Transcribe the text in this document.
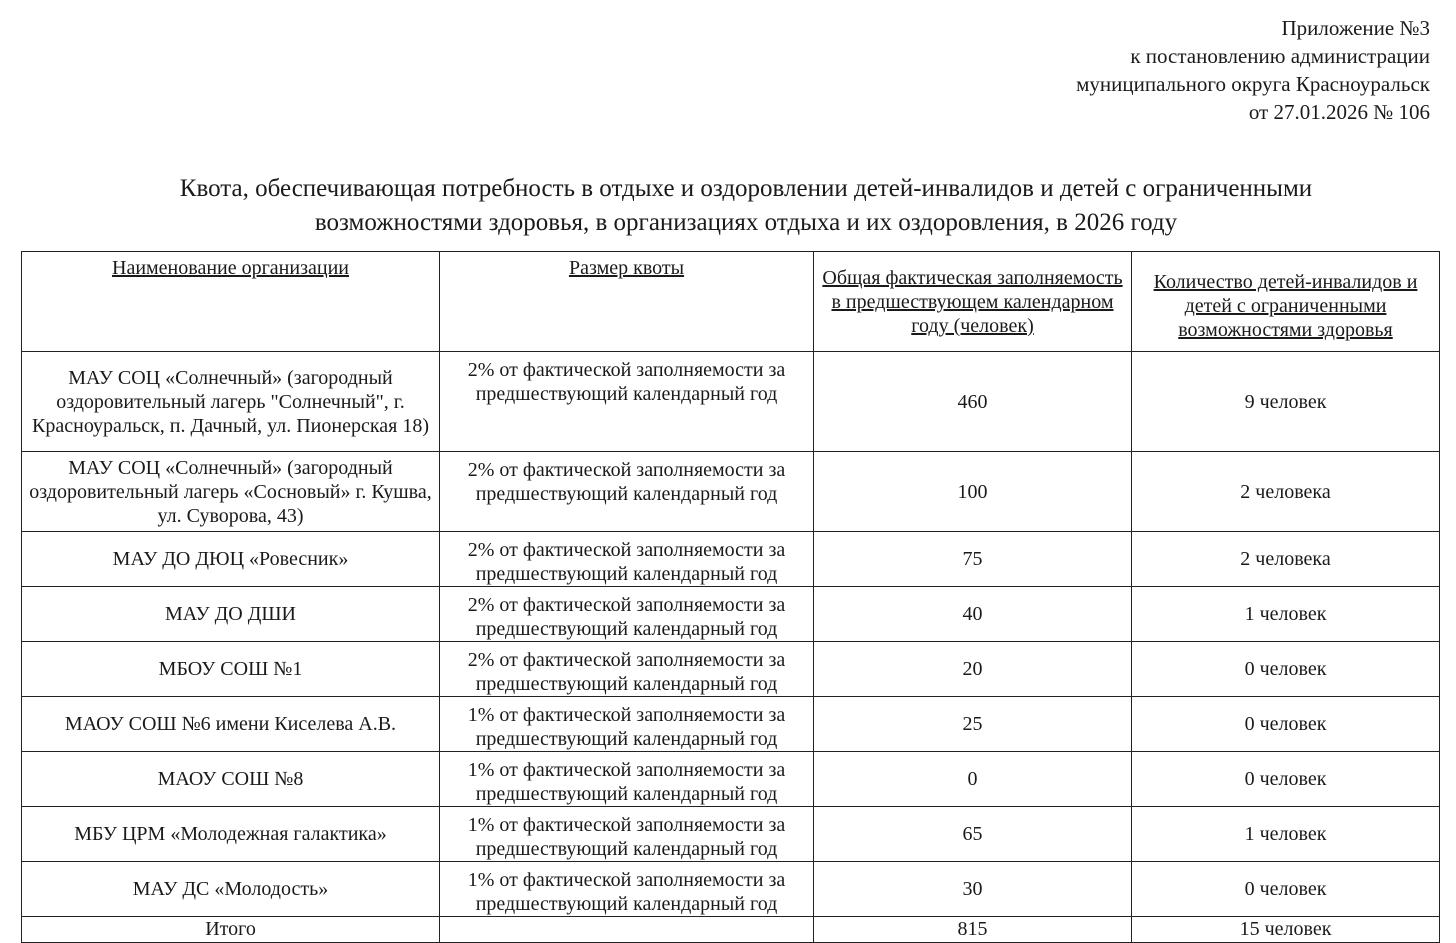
Приложение №3
к постановлению администрации
муниципального округа Красноуральск
от 27.01.2026 № 106
Квота, обеспечивающая потребность в отдыхе и оздоровлении детей-инвалидов и детей с ограниченными
возможностями здоровья, в организациях отдыха и их оздоровления, в 2026 году
Наименование организации	Размер квоты	Общая фактическая заполняемость в предшествующем календарном году (человек)	Количество детей-инвалидов и детей с ограниченными возможностями здоровья
МАУ СОЦ «Солнечный» (загородный оздоровительный лагерь "Солнечный", г. Красноуральск, п. Дачный, ул. Пионерская 18)	2% от фактической заполняемости за предшествующий календарный год	460	9 человек
МАУ СОЦ «Солнечный» (загородный оздоровительный лагерь «Сосновый» г. Кушва, ул. Суворова, 43)	2% от фактической заполняемости за предшествующий календарный год	100	2 человека
МАУ ДО ДЮЦ «Ровесник»	2% от фактической заполняемости за предшествующий календарный год	75	2 человека
МАУ ДО ДШИ	2% от фактической заполняемости за предшествующий календарный год	40	1 человек
МБОУ СОШ №1	2% от фактической заполняемости за предшествующий календарный год	20	0 человек
МАОУ СОШ №6 имени Киселева А.В.	1% от фактической заполняемости за предшествующий календарный год	25	0 человек
МАОУ СОШ №8	1% от фактической заполняемости за предшествующий календарный год	0	0 человек
МБУ ЦРМ «Молодежная галактика»	1% от фактической заполняемости за предшествующий календарный год	65	1 человек
МАУ ДС «Молодость»	1% от фактической заполняемости за предшествующий календарный год	30	0 человек
Итого		815	15 человек
